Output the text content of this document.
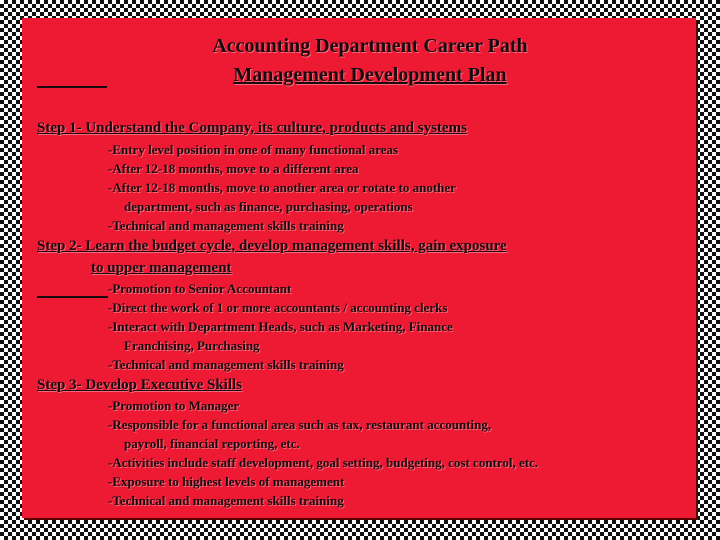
Accounting Department Career Path
Management Development Plan
Step 1- Understand the Company, its culture, products and systems
-Entry level position in one of many functional areas
-After 12-18 months, move to a different area
-After 12-18 months, move to another area or rotate to another
department, such as finance, purchasing, operations
-Technical and management skills training
Step 2- Learn the budget cycle, develop management skills, gain exposure
to upper management
-Promotion to Senior Accountant
-Direct the work of 1 or more accountants / accounting clerks
-Interact with Department Heads, such as Marketing, Finance
Franchising, Purchasing
-Technical and management skills training
Step 3- Develop Executive Skills
-Promotion to Manager
-Responsible for a functional area such as tax, restaurant accounting,
payroll, financial reporting, etc.
-Activities include staff development, goal setting, budgeting, cost control, etc.
-Exposure to highest levels of management
-Technical and management skills training
